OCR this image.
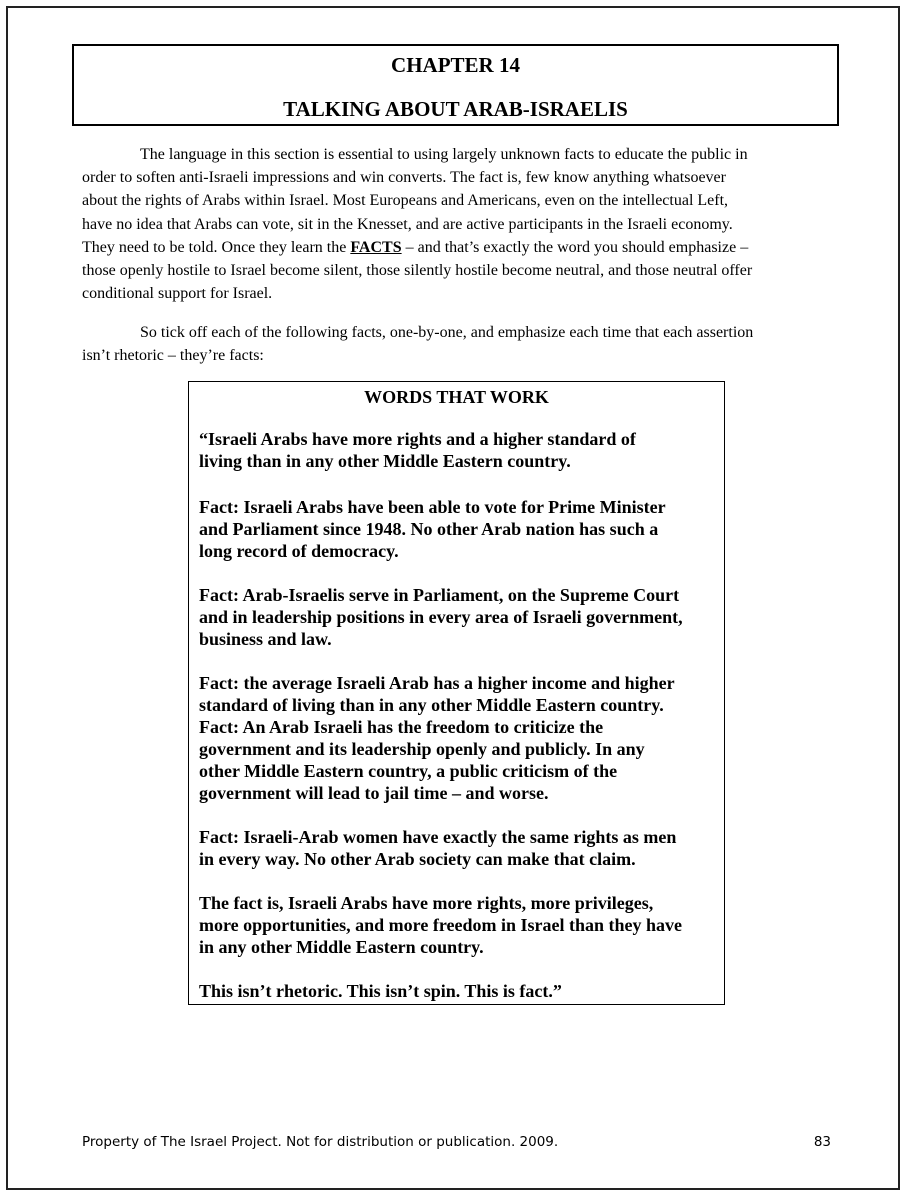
CHAPTER 14
TALKING ABOUT ARAB-ISRAELIS
The language in this section is essential to using largely unknown facts to educate the public in
order to soften anti-Israeli impressions and win converts. The fact is, few know anything whatsoever
about the rights of Arabs within Israel. Most Europeans and Americans, even on the intellectual Left,
have no idea that Arabs can vote, sit in the Knesset, and are active participants in the Israeli economy.
They need to be told. Once they learn the FACTS – and that’s exactly the word you should emphasize –
those openly hostile to Israel become silent, those silently hostile become neutral, and those neutral offer
conditional support for Israel.
So tick off each of the following facts, one-by-one, and emphasize each time that each assertion
isn’t rhetoric – they’re facts:
WORDS THAT WORK
“Israeli Arabs have more rights and a higher standard of
living than in any other Middle Eastern country.
Fact: Israeli Arabs have been able to vote for Prime Minister
and Parliament since 1948. No other Arab nation has such a
long record of democracy.
Fact: Arab-Israelis serve in Parliament, on the Supreme Court
and in leadership positions in every area of Israeli government,
business and law.
Fact: the average Israeli Arab has a higher income and higher
standard of living than in any other Middle Eastern country.
Fact: An Arab Israeli has the freedom to criticize the
government and its leadership openly and publicly. In any
other Middle Eastern country, a public criticism of the
government will lead to jail time – and worse.
Fact: Israeli-Arab women have exactly the same rights as men
in every way. No other Arab society can make that claim.
The fact is, Israeli Arabs have more rights, more privileges,
more opportunities, and more freedom in Israel than they have
in any other Middle Eastern country.
This isn’t rhetoric. This isn’t spin. This is fact.”
Property of The Israel Project. Not for distribution or publication. 2009.	83
